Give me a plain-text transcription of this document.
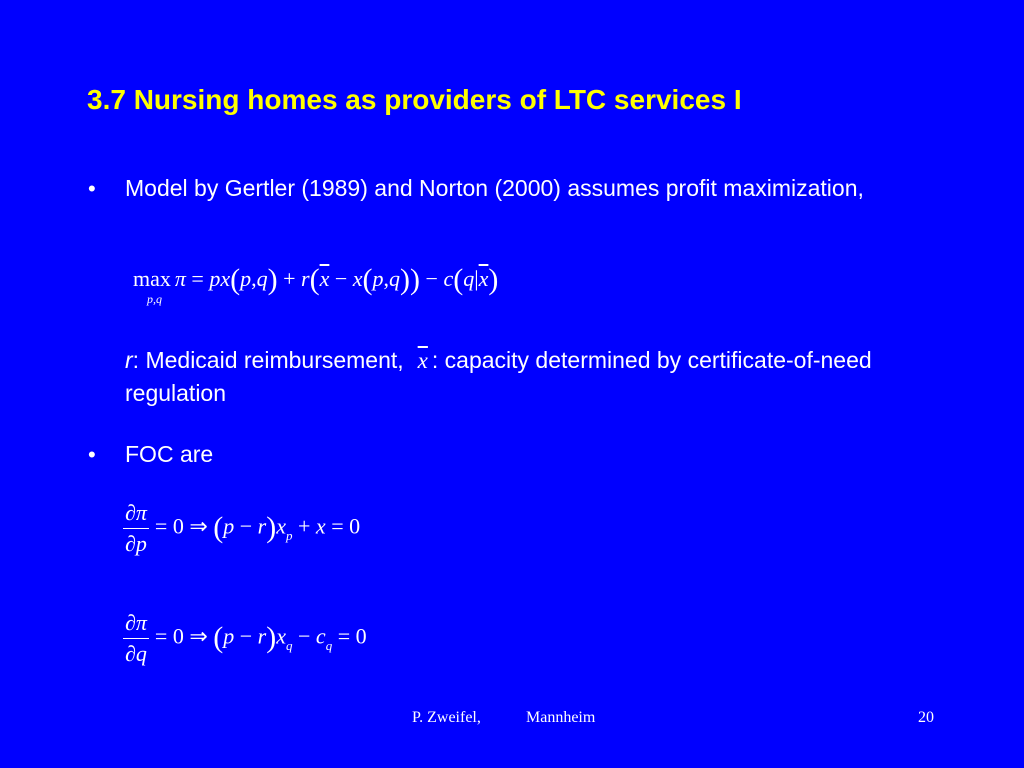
3.7 Nursing homes as providers of LTC services I
• Model by Gertler (1989) and Norton (2000) assumes profit maximization,
max
p,q
$\pi = px(p,q) + r(\overline{x} - x(p,q)) - c(q|\overline{x})$
r: Medicaid reimbursement, $\overline{x}$ : capacity determined by certificate-of-need regulation
• FOC are
$\frac{\partial\pi}{\partial p} = 0$ ⇒ $(p - r)x_p + x = 0$
$\frac{\partial\pi}{\partial q} = 0$ ⇒ $(p - r)x_q - c_q = 0$
P. Zweifel,	Mannheim	20
